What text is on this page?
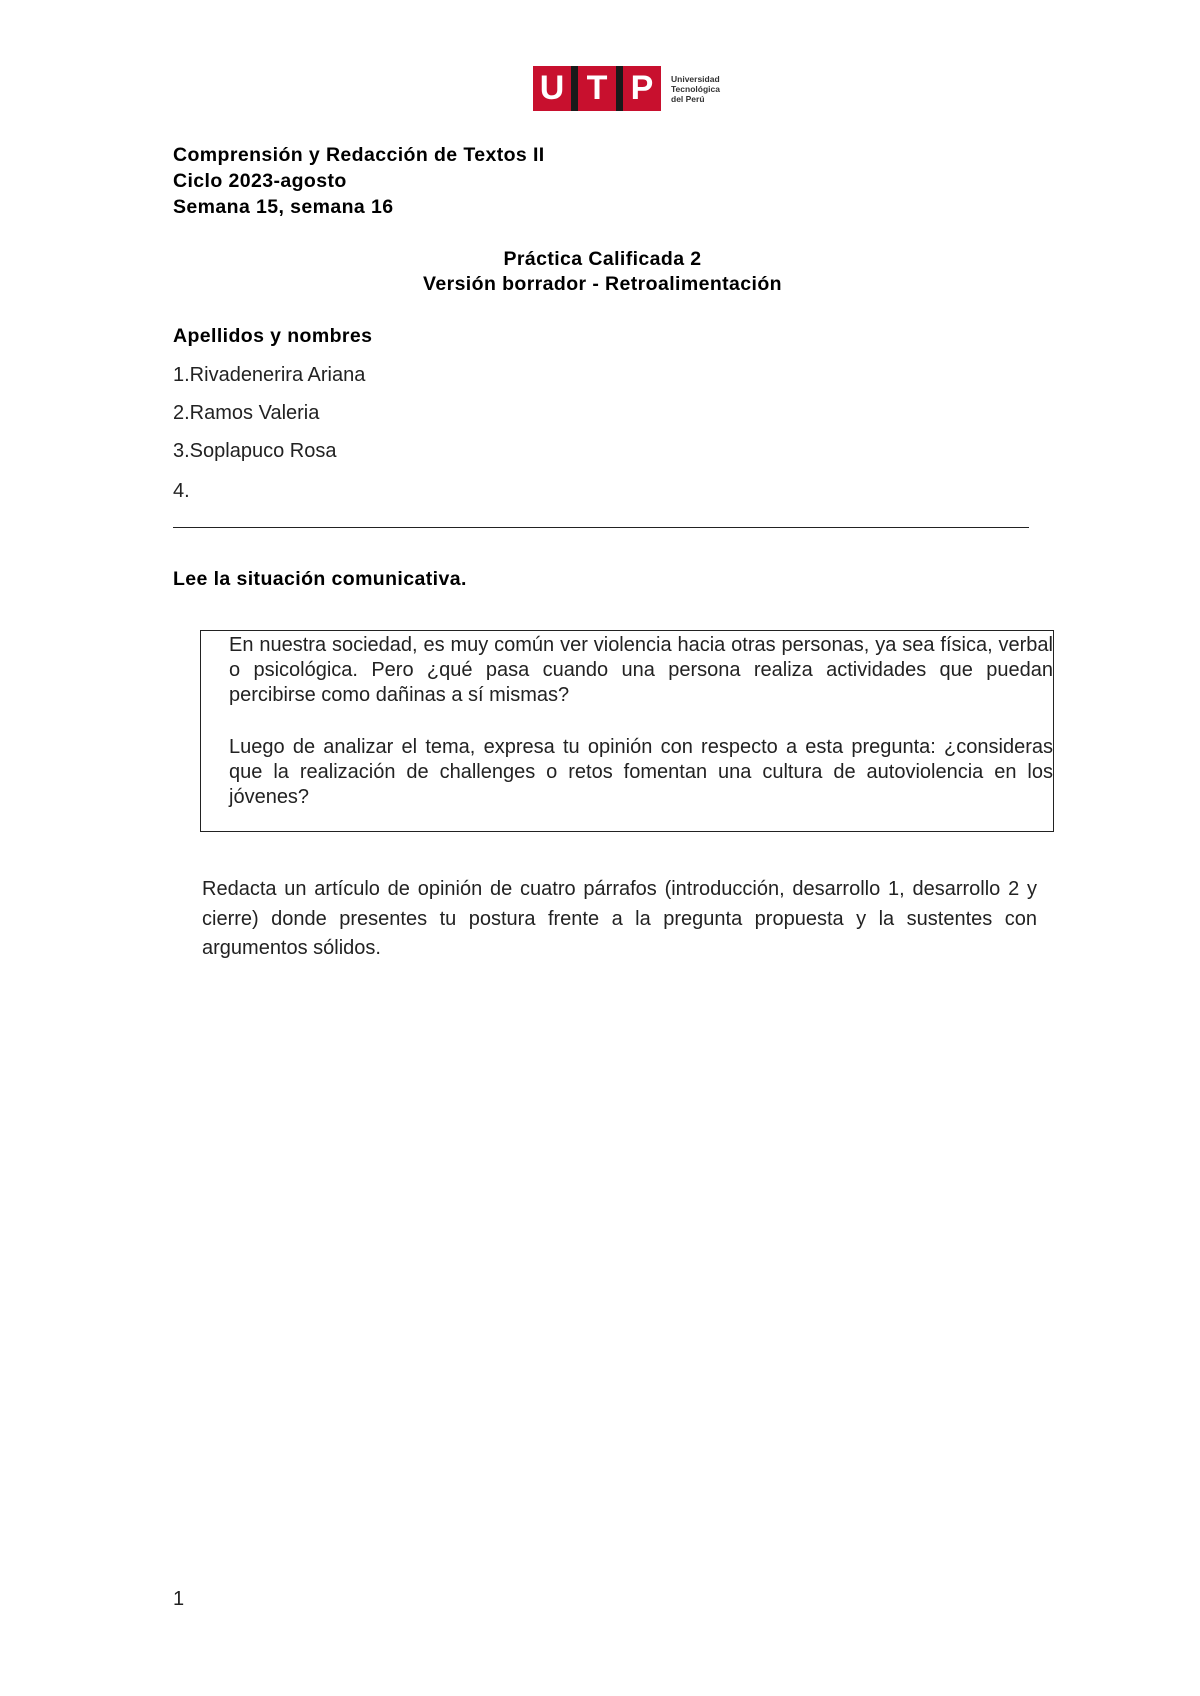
U T P	Universidad
Tecnológica
del Perú
Comprensión y Redacción de Textos II
Ciclo 2023-agosto
Semana 15, semana 16
Práctica Calificada 2
Versión borrador - Retroalimentación
Apellidos y nombres
1.Rivadenerira Ariana
2.Ramos Valeria
3.Soplapuco Rosa
4.
Lee la situación comunicativa.
En nuestra sociedad, es muy común ver violencia hacia otras personas, ya sea física, verbal o psicológica. Pero ¿qué pasa cuando una persona realiza actividades que puedan percibirse como dañinas a sí mismas?
Luego de analizar el tema, expresa tu opinión con respecto a esta pregunta: ¿consideras que la realización de challenges o retos fomentan una cultura de autoviolencia en los jóvenes?
Redacta un artículo de opinión de cuatro párrafos (introducción, desarrollo 1, desarrollo 2 y cierre) donde presentes tu postura frente a la pregunta propuesta y la sustentes con argumentos sólidos.
1
